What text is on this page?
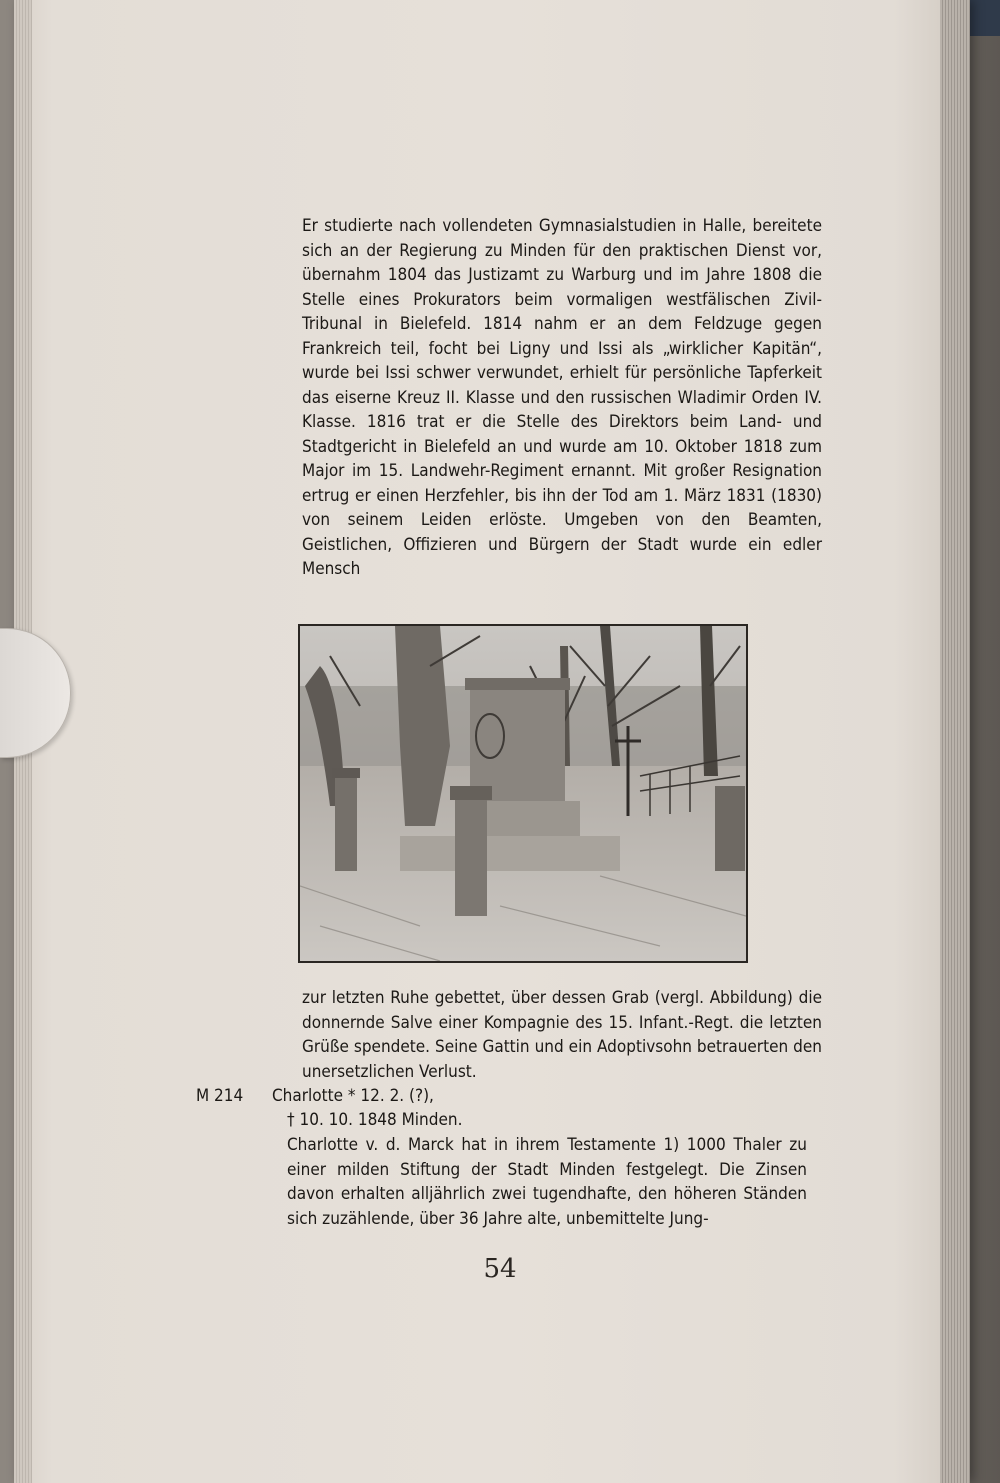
Er studierte nach vollendeten Gymnasialstudien in Halle, bereitete sich an der Regierung zu Minden für den praktischen Dienst vor, übernahm 1804 das Justizamt zu Warburg und im Jahre 1808 die Stelle eines Prokurators beim vormaligen westfälischen Zivil-Tribunal in Bielefeld. 1814 nahm er an dem Feldzuge gegen Frankreich teil, focht bei Ligny und Issi als „wirklicher Kapitän“, wurde bei Issi schwer verwundet, erhielt für persönliche Tapferkeit das eiserne Kreuz II. Klasse und den russischen Wladimir Orden IV. Klasse. 1816 trat er die Stelle des Direktors beim Land- und Stadtgericht in Bielefeld an und wurde am 10. Oktober 1818 zum Major im 15. Landwehr-Regiment ernannt. Mit großer Resignation ertrug er einen Herzfehler, bis ihn der Tod am 1. März 1831 (1830) von seinem Leiden erlöste. Umgeben von den Beamten, Geistlichen, Offizieren und Bürgern der Stadt wurde ein edler Mensch
zur letzten Ruhe gebettet, über dessen Grab (vergl. Abbildung) die donnernde Salve einer Kompagnie des 15. Infant.-Regt. die letzten Grüße spendete. Seine Gattin und ein Adoptivsohn betrauerten den unersetzlichen Verlust.
M 214 Charlotte * 12. 2. (?),
† 10. 10. 1848 Minden.
Charlotte v. d. Marck hat in ihrem Testamente 1) 1000 Thaler zu einer milden Stiftung der Stadt Minden festgelegt. Die Zinsen davon erhalten alljährlich zwei tugendhafte, den höheren Ständen sich zuzählende, über 36 Jahre alte, unbemittelte Jung-
54
